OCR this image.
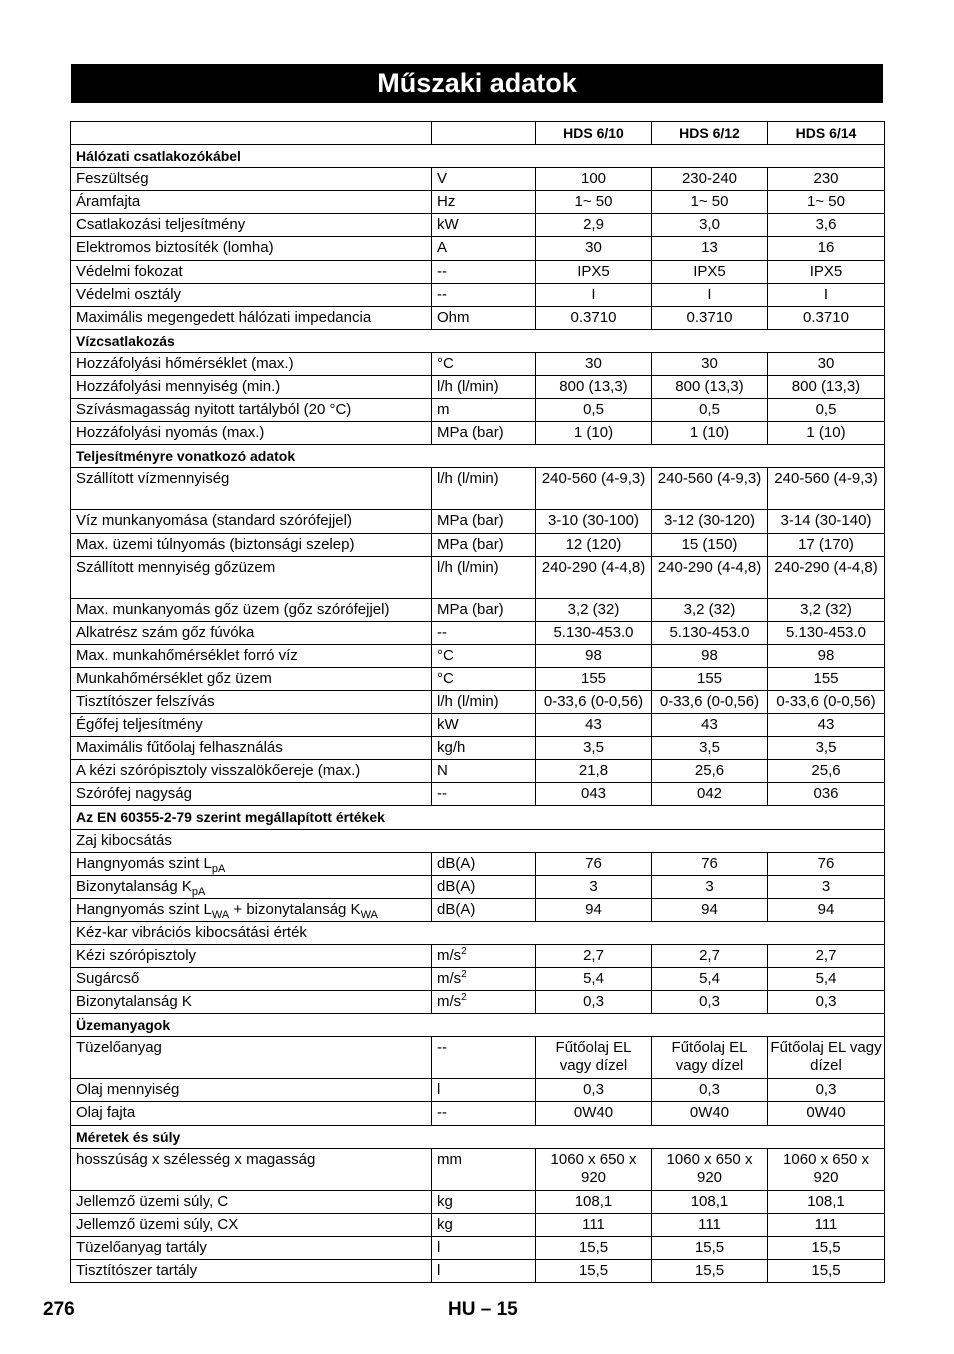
Műszaki adatok
		HDS 6/10	HDS 6/12	HDS 6/14
Hálózati csatlakozókábel				
Feszültség	V	100	230-240	230
Áramfajta	Hz	1~ 50	1~ 50	1~ 50
Csatlakozási teljesítmény	kW	2,9	3,0	3,6
Elektromos biztosíték (lomha)	A	30	13	16
Védelmi fokozat	--	IPX5	IPX5	IPX5
Védelmi osztály	--	I	I	I
Maximális megengedett hálózati impedancia	Ohm	0.3710	0.3710	0.3710
Vízcsatlakozás				
Hozzáfolyási hőmérséklet (max.)	°C	30	30	30
Hozzáfolyási mennyiség (min.)	l/h (l/min)	800 (13,3)	800 (13,3)	800 (13,3)
Szívásmagasság nyitott tartályból (20 °C)	m	0,5	0,5	0,5
Hozzáfolyási nyomás (max.)	MPa (bar)	1 (10)	1 (10)	1 (10)
Teljesítményre vonatkozó adatok				
Szállított vízmennyiség	l/h (l/min)	240-560 (4-9,3)	240-560 (4-9,3)	240-560 (4-9,3)
Víz munkanyomása (standard szórófejjel)	MPa (bar)	3-10 (30-100)	3-12 (30-120)	3-14 (30-140)
Max. üzemi túlnyomás (biztonsági szelep)	MPa (bar)	12 (120)	15 (150)	17 (170)
Szállított mennyiség gőzüzem	l/h (l/min)	240-290 (4-4,8)	240-290 (4-4,8)	240-290 (4-4,8)
Max. munkanyomás gőz üzem (gőz szórófejjel)	MPa (bar)	3,2 (32)	3,2 (32)	3,2 (32)
Alkatrész szám gőz fúvóka	--	5.130-453.0	5.130-453.0	5.130-453.0
Max. munkahőmérséklet forró víz	°C	98	98	98
Munkahőmérséklet gőz üzem	°C	155	155	155
Tisztítószer felszívás	l/h (l/min)	0-33,6 (0-0,56)	0-33,6 (0-0,56)	0-33,6 (0-0,56)
Égőfej teljesítmény	kW	43	43	43
Maximális fűtőolaj felhasználás	kg/h	3,5	3,5	3,5
A kézi szórópisztoly visszalökőereje (max.)	N	21,8	25,6	25,6
Szórófej nagyság	--	043	042	036
Az EN 60355-2-79 szerint megállapított értékek				
Zaj kibocsátás				
Hangnyomás szint $L_{pA}$	dB(A)	76	76	76
Bizonytalanság $K_{pA}$	dB(A)	3	3	3
Hangnyomás szint $L_{WA}$ + bizonytalanság $K_{WA}$	dB(A)	94	94	94
Kéz-kar vibrációs kibocsátási érték				
Kézi szórópisztoly	$m/s^2$	2,7	2,7	2,7
Sugárcső	$m/s^2$	5,4	5,4	5,4
Bizonytalanság K	$m/s^2$	0,3	0,3	0,3
Üzemanyagok				
Tüzelőanyag	--	Fűtőolaj EL vagy dízel	Fűtőolaj EL vagy dízel	Fűtőolaj EL vagy dízel
Olaj mennyiség	l	0,3	0,3	0,3
Olaj fajta	--	0W40	0W40	0W40
Méretek és súly				
hosszúság x szélesség x magasság	mm	1060 x 650 x 920	1060 x 650 x 920	1060 x 650 x 920
Jellemző üzemi súly, C	kg	108,1	108,1	108,1
Jellemző üzemi súly, CX	kg	111	111	111
Tüzelőanyag tartály	l	15,5	15,5	15,5
Tisztítószer tartály	l	15,5	15,5	15,5
276	HU – 15
